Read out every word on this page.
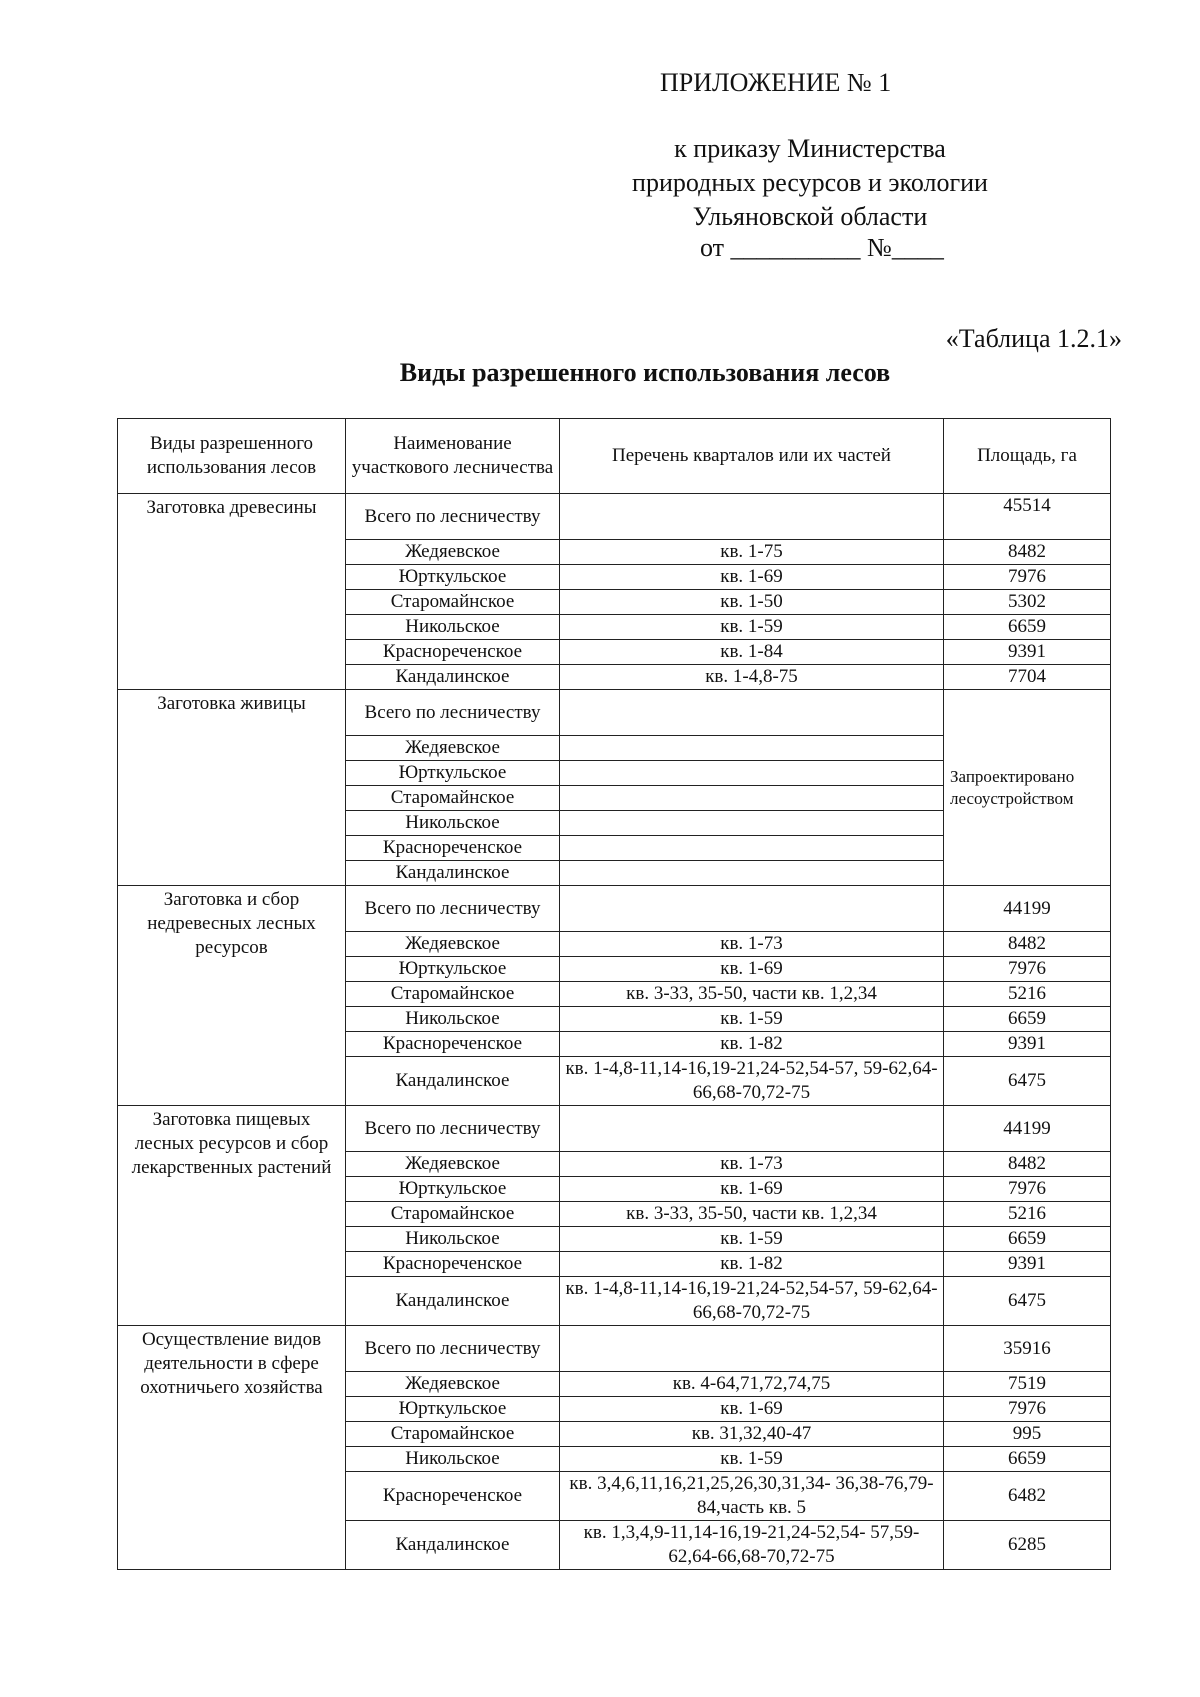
ПРИЛОЖЕНИЕ № 1
к приказу Министерства
природных ресурсов и экологии
Ульяновской области
от __________ №____
«Таблица 1.2.1»
Виды разрешенного использования лесов
Виды разрешенного использования лесов	Наименование участкового лесничества	Перечень кварталов или их частей	Площадь, га
Заготовка древесины	Всего по лесничеству		45514
	Жедяевское	кв. 1-75	8482
	Юрткульское	кв. 1-69	7976
	Старомайнское	кв. 1-50	5302
	Никольское	кв. 1-59	6659
	Краснореченское	кв. 1-84	9391
	Кандалинское	кв. 1-4,8-75	7704
Заготовка живицы	Всего по лесничеству		Запроектировано лесоустройством
	Жедяевское		
	Юрткульское		
	Старомайнское		
	Никольское		
	Краснореченское		
	Кандалинское		
Заготовка и сбор недревесных лесных ресурсов	Всего по лесничеству		44199
	Жедяевское	кв. 1-73	8482
	Юрткульское	кв. 1-69	7976
	Старомайнское	кв. 3-33, 35-50, части кв. 1,2,34	5216
	Никольское	кв. 1-59	6659
	Краснореченское	кв. 1-82	9391
	Кандалинское	кв. 1-4,8-11,14-16,19-21,24-52,54-57, 59-62,64-66,68-70,72-75	6475
Заготовка пищевых лесных ресурсов и сбор лекарственных растений	Всего по лесничеству		44199
	Жедяевское	кв. 1-73	8482
	Юрткульское	кв. 1-69	7976
	Старомайнское	кв. 3-33, 35-50, части кв. 1,2,34	5216
	Никольское	кв. 1-59	6659
	Краснореченское	кв. 1-82	9391
	Кандалинское	кв. 1-4,8-11,14-16,19-21,24-52,54-57, 59-62,64-66,68-70,72-75	6475
Осуществление видов деятельности в сфере охотничьего хозяйства	Всего по лесничеству		35916
	Жедяевское	кв. 4-64,71,72,74,75	7519
	Юрткульское	кв. 1-69	7976
	Старомайнское	кв. 31,32,40-47	995
	Никольское	кв. 1-59	6659
	Краснореченское	кв. 3,4,6,11,16,21,25,26,30,31,34- 36,38-76,79-84,часть кв. 5	6482
	Кандалинское	кв. 1,3,4,9-11,14-16,19-21,24-52,54- 57,59-62,64-66,68-70,72-75	6285
